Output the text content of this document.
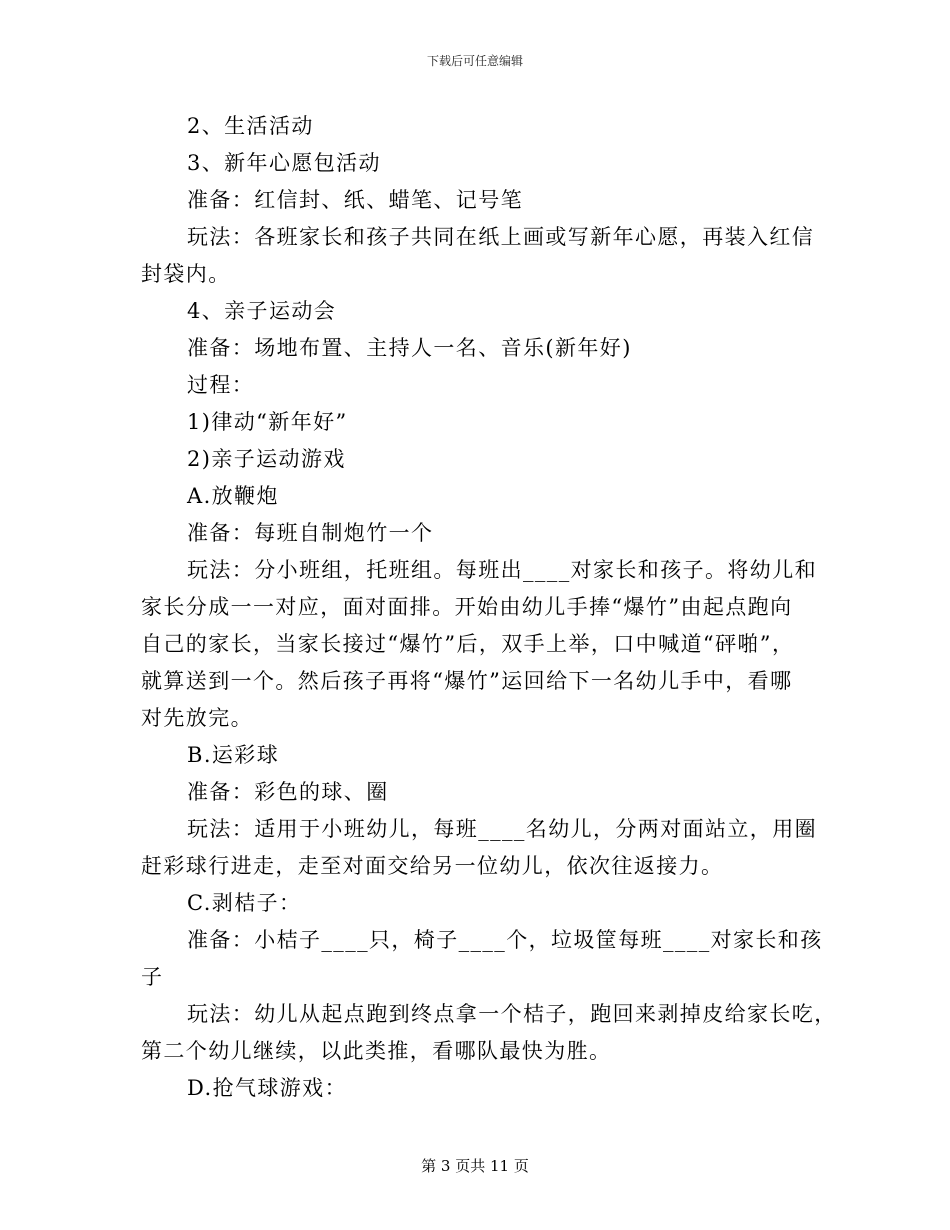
下载后可任意编辑

2、生活活动

3、新年心愿包活动

准备：红信封、纸、蜡笔、记号笔

玩法：各班家长和孩子共同在纸上画或写新年心愿，再装入红信

封袋内。

4、亲子运动会

准备：场地布置、主持人一名、音乐(新年好)

过程：

1)律动“新年好”

2)亲子运动游戏

A.放鞭炮

准备：每班自制炮竹一个

玩法：分小班组，托班组。每班出____对家长和孩子。将幼儿和

家长分成一一对应，面对面排。开始由幼儿手捧“爆竹”由起点跑向

自己的家长，当家长接过“爆竹”后，双手上举，口中喊道“砰啪”，

就算送到一个。然后孩子再将“爆竹”运回给下一名幼儿手中，看哪

对先放完。

B.运彩球

准备：彩色的球、圈

玩法：适用于小班幼儿，每班____名幼儿，分两对面站立，用圈

赶彩球行进走，走至对面交给另一位幼儿，依次往返接力。

C.剥桔子：

准备：小桔子____只，椅子____个，垃圾筐每班____对家长和孩

子

玩法：幼儿从起点跑到终点拿一个桔子，跑回来剥掉皮给家长吃，

第二个幼儿继续，以此类推，看哪队最快为胜。

D.抢气球游戏：

第 3 页共 11 页
